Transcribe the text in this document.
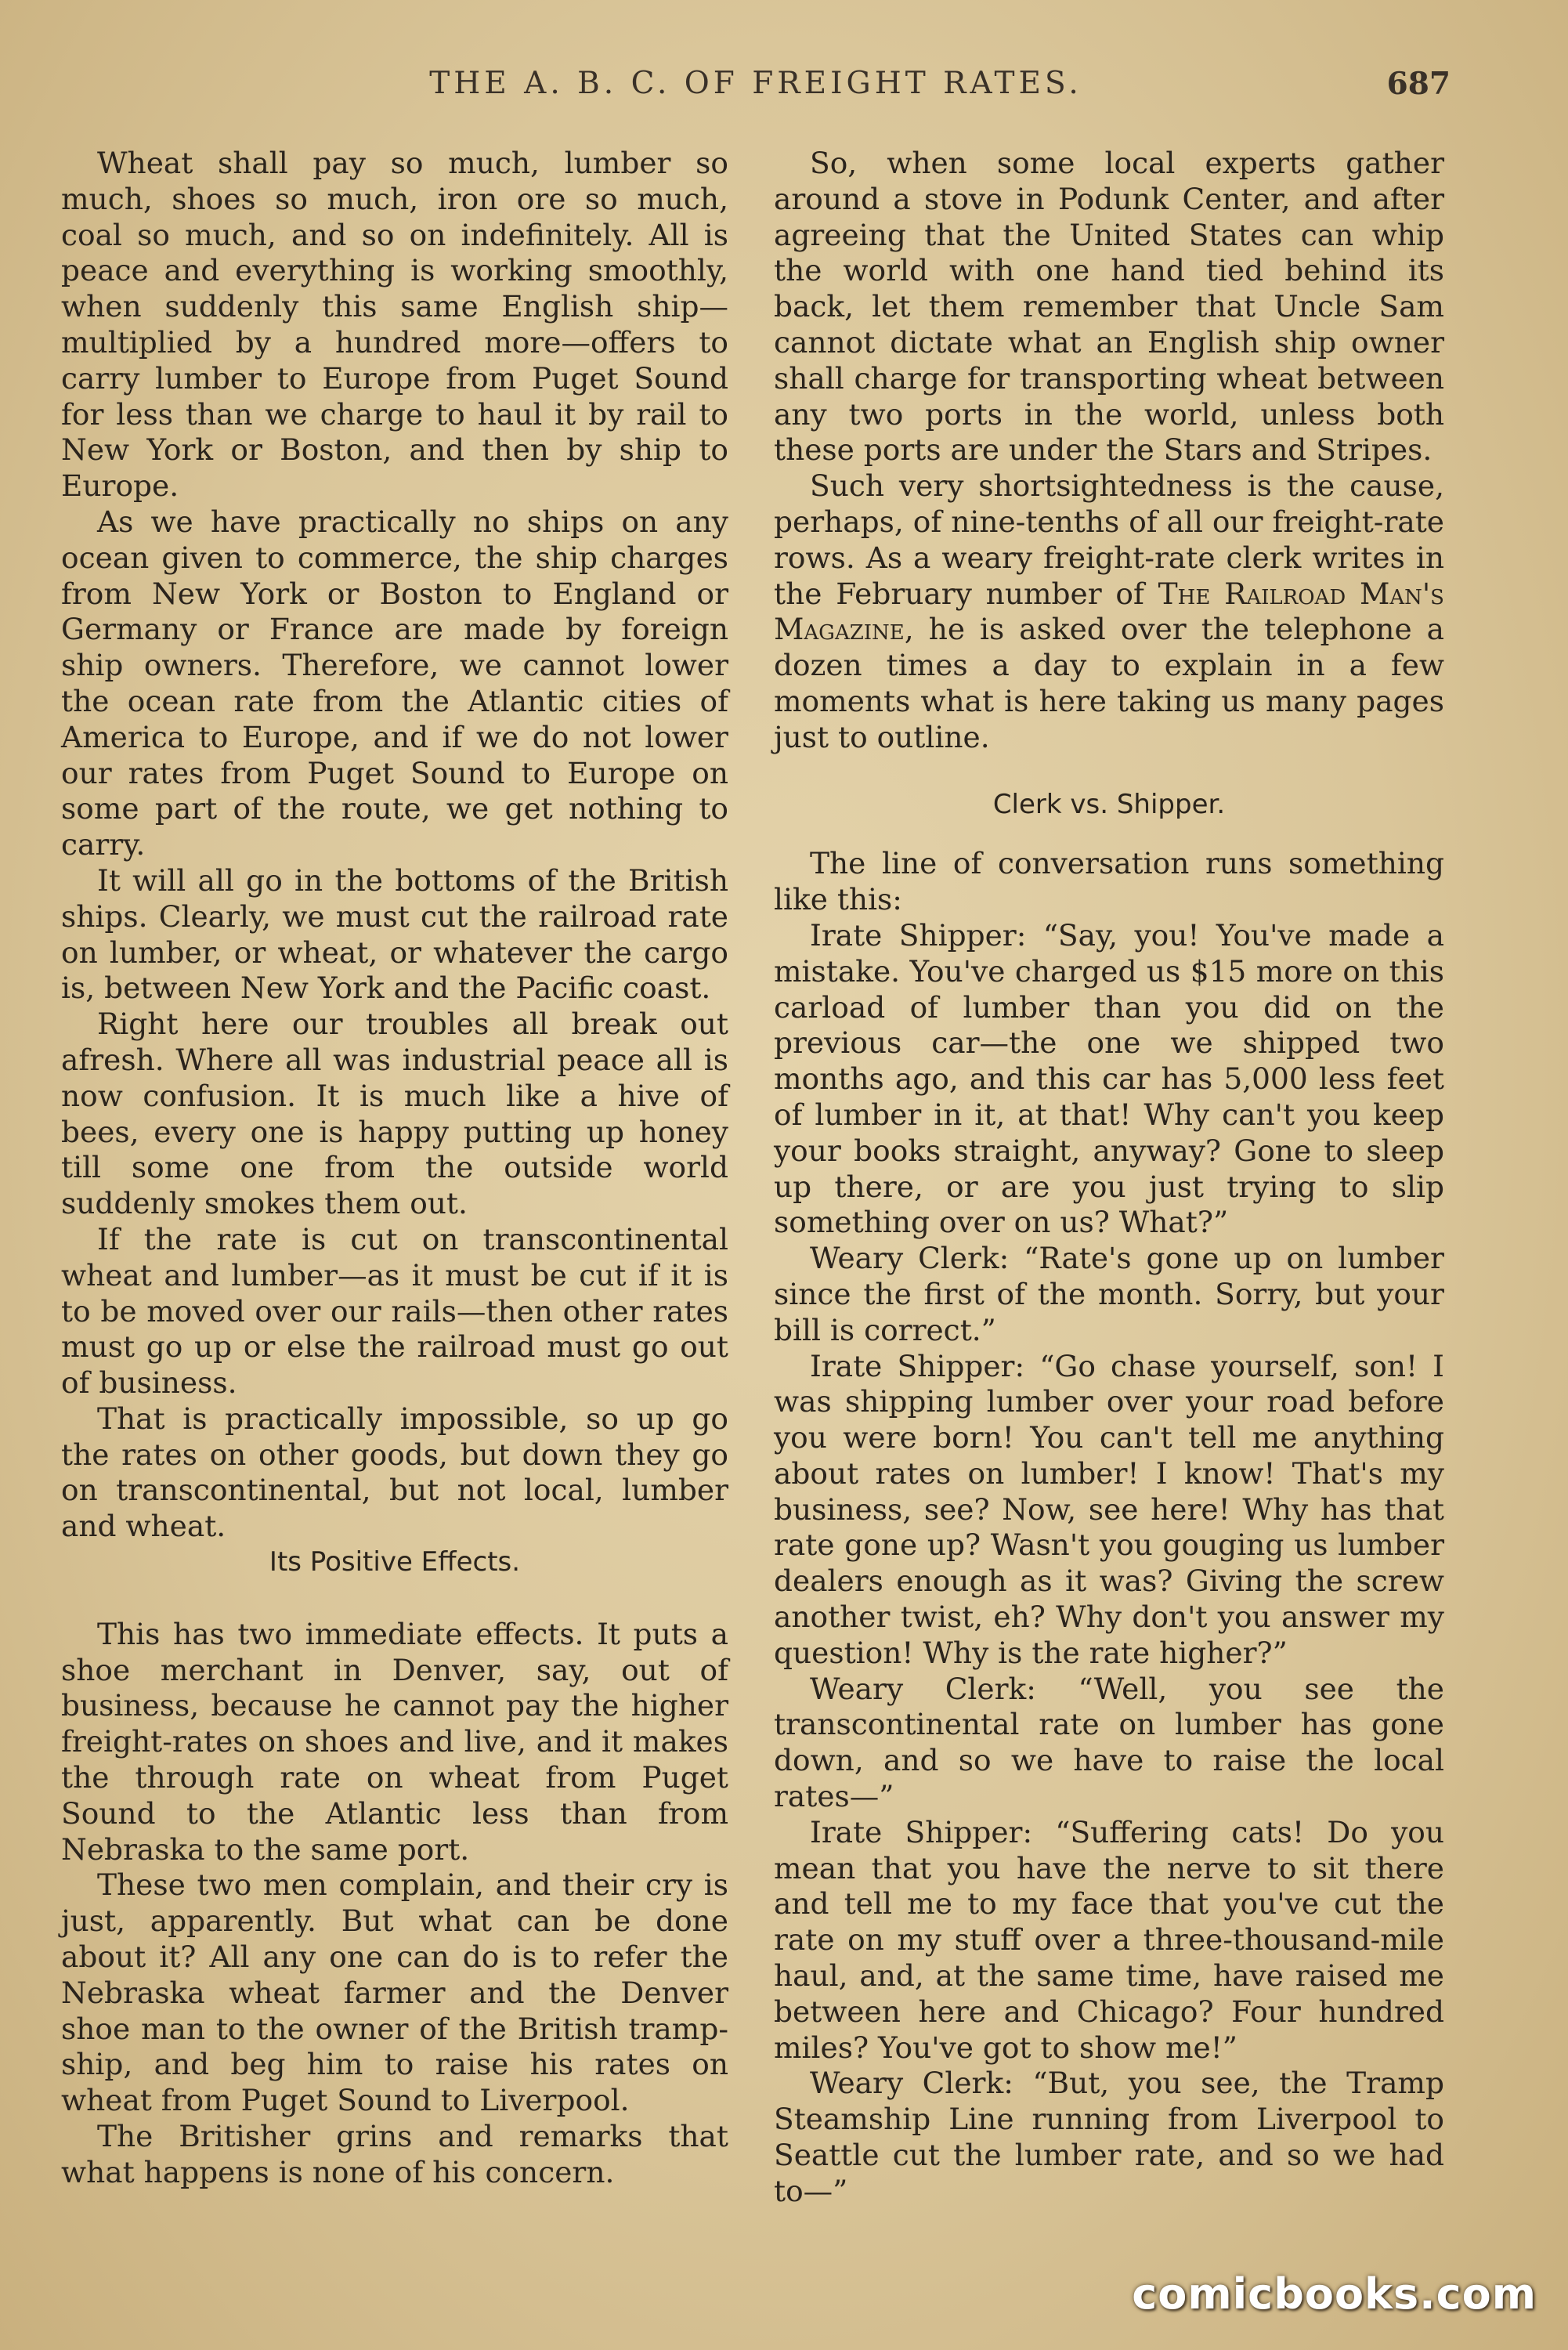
THE A. B. C. OF FREIGHT RATES.	687

Wheat shall pay so much, lumber so much, shoes so much, iron ore so much, coal so much, and so on indefinitely. All is peace and everything is working smoothly, when suddenly this same English ship—multiplied by a hundred more—offers to carry lumber to Europe from Puget Sound for less than we charge to haul it by rail to New York or Boston, and then by ship to Europe.

As we have practically no ships on any ocean given to commerce, the ship charges from New York or Boston to England or Germany or France are made by foreign ship owners. Therefore, we cannot lower the ocean rate from the Atlantic cities of America to Europe, and if we do not lower our rates from Puget Sound to Europe on some part of the route, we get nothing to carry.

It will all go in the bottoms of the British ships. Clearly, we must cut the railroad rate on lumber, or wheat, or whatever the cargo is, between New York and the Pacific coast.

Right here our troubles all break out afresh. Where all was industrial peace all is now confusion. It is much like a hive of bees, every one is happy putting up honey till some one from the outside world suddenly smokes them out.

If the rate is cut on transcontinental wheat and lumber—as it must be cut if it is to be moved over our rails—then other rates must go up or else the railroad must go out of business.

That is practically impossible, so up go the rates on other goods, but down they go on transcontinental, but not local, lumber and wheat.

Its Positive Effects.

This has two immediate effects. It puts a shoe merchant in Denver, say, out of business, because he cannot pay the higher freight-rates on shoes and live, and it makes the through rate on wheat from Puget Sound to the Atlantic less than from Nebraska to the same port.

These two men complain, and their cry is just, apparently. But what can be done about it? All any one can do is to refer the Nebraska wheat farmer and the Denver shoe man to the owner of the British tramp-ship, and beg him to raise his rates on wheat from Puget Sound to Liverpool.

The Britisher grins and remarks that what happens is none of his concern.

So, when some local experts gather around a stove in Podunk Center, and after agreeing that the United States can whip the world with one hand tied behind its back, let them remember that Uncle Sam cannot dictate what an English ship owner shall charge for transporting wheat between any two ports in the world, unless both these ports are under the Stars and Stripes.

Such very shortsightedness is the cause, perhaps, of nine-tenths of all our freight-rate rows. As a weary freight-rate clerk writes in the February number of The Railroad Man's Magazine, he is asked over the telephone a dozen times a day to explain in a few moments what is here taking us many pages just to outline.

Clerk vs. Shipper.

The line of conversation runs something like this:

Irate Shipper: “Say, you! You've made a mistake. You've charged us $15 more on this carload of lumber than you did on the previous car—the one we shipped two months ago, and this car has 5,000 less feet of lumber in it, at that! Why can't you keep your books straight, anyway? Gone to sleep up there, or are you just trying to slip something over on us? What?”

Weary Clerk: “Rate's gone up on lumber since the first of the month. Sorry, but your bill is correct.”

Irate Shipper: “Go chase yourself, son! I was shipping lumber over your road before you were born! You can't tell me anything about rates on lumber! I know! That's my business, see? Now, see here! Why has that rate gone up? Wasn't you gouging us lumber dealers enough as it was? Giving the screw another twist, eh? Why don't you answer my question! Why is the rate higher?”

Weary Clerk: “Well, you see the transcontinental rate on lumber has gone down, and so we have to raise the local rates—”

Irate Shipper: “Suffering cats! Do you mean that you have the nerve to sit there and tell me to my face that you've cut the rate on my stuff over a three-thousand-mile haul, and, at the same time, have raised me between here and Chicago? Four hundred miles? You've got to show me!”

Weary Clerk: “But, you see, the Tramp Steamship Line running from Liverpool to Seattle cut the lumber rate, and so we had to—”

comicbooks.com
